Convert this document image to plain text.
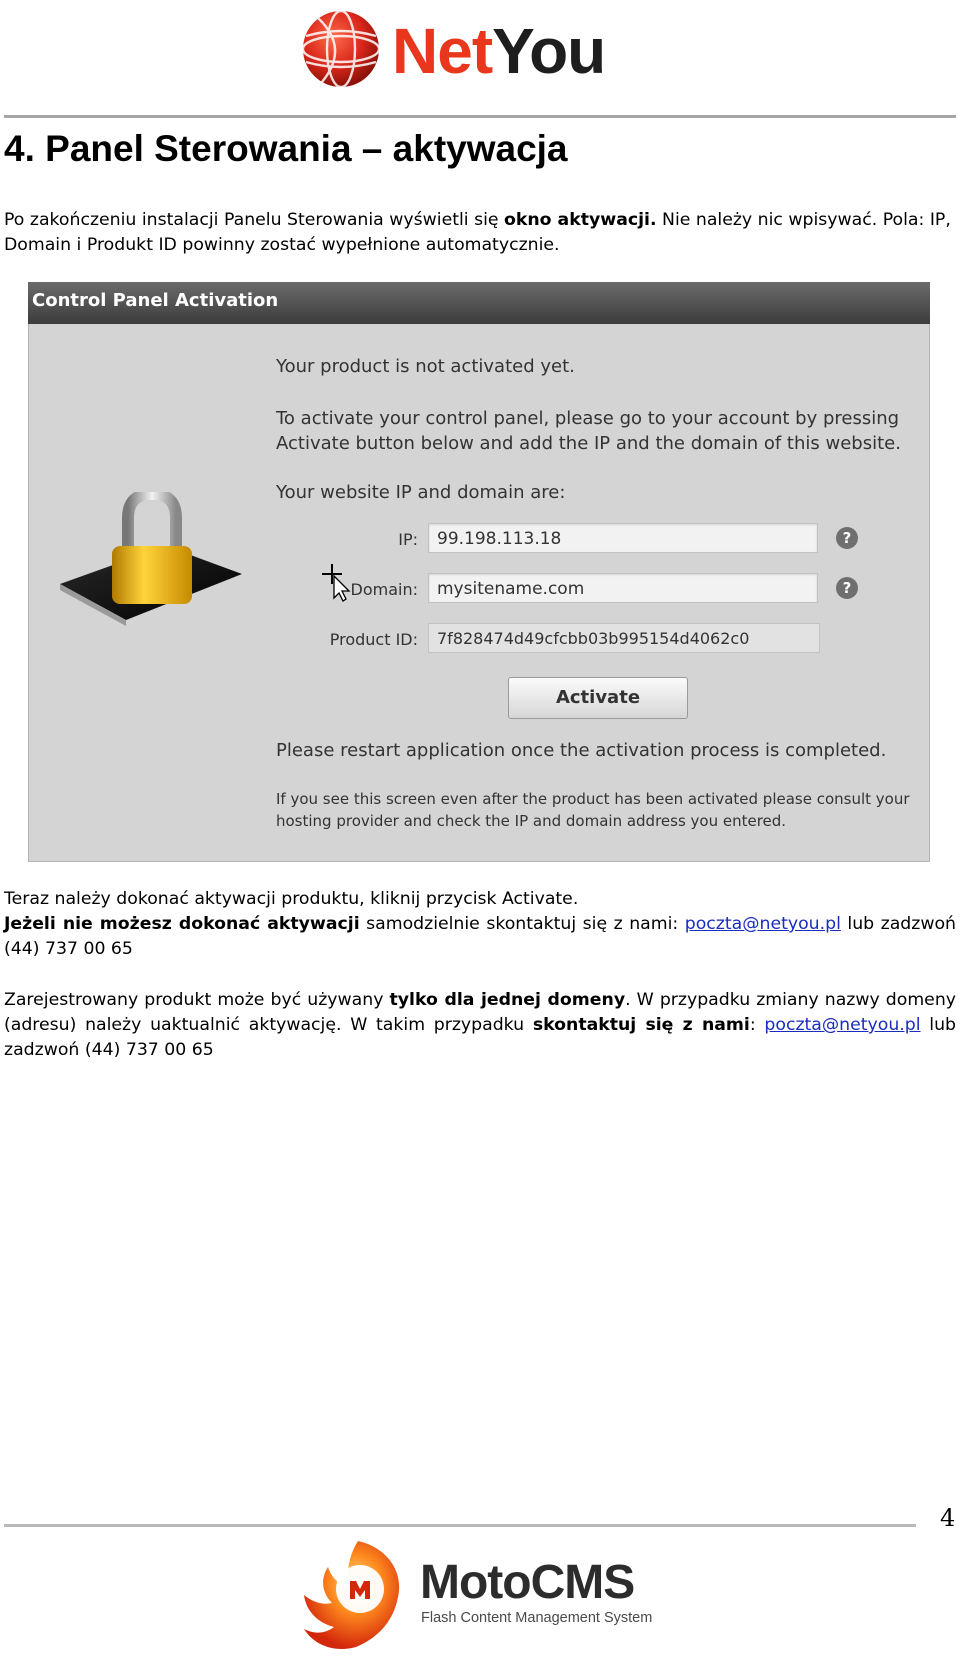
NetYou
4. Panel Sterowania – aktywacja
Po zakończeniu instalacji Panelu Sterowania wyświetli się okno aktywacji. Nie należy nic wpisywać. Pola: IP, Domain i Produkt ID powinny zostać wypełnione automatycznie.
Control Panel Activation
Your product is not activated yet.
To activate your control panel, please go to your account by pressing Activate button below and add the IP and the domain of this website.
Your website IP and domain are:
IP:	99.198.113.18	?
Domain:	mysitename.com	?
Product ID:	7f828474d49cfcbb03b995154d4062c0
Activate
Please restart application once the activation process is completed.
If you see this screen even after the product has been activated please consult your hosting provider and check the IP and domain address you entered.
Teraz należy dokonać aktywacji produktu, kliknij przycisk Activate.
Jeżeli nie możesz dokonać aktywacji samodzielnie skontaktuj się z nami: poczta@netyou.pl lub zadzwoń (44) 737 00 65
Zarejestrowany produkt może być używany tylko dla jednej domeny. W przypadku zmiany nazwy domeny (adresu) należy uaktualnić aktywację. W takim przypadku skontaktuj się z nami: poczta@netyou.pl lub zadzwoń (44) 737 00 65
4
MotoCMS
Flash Content Management System
